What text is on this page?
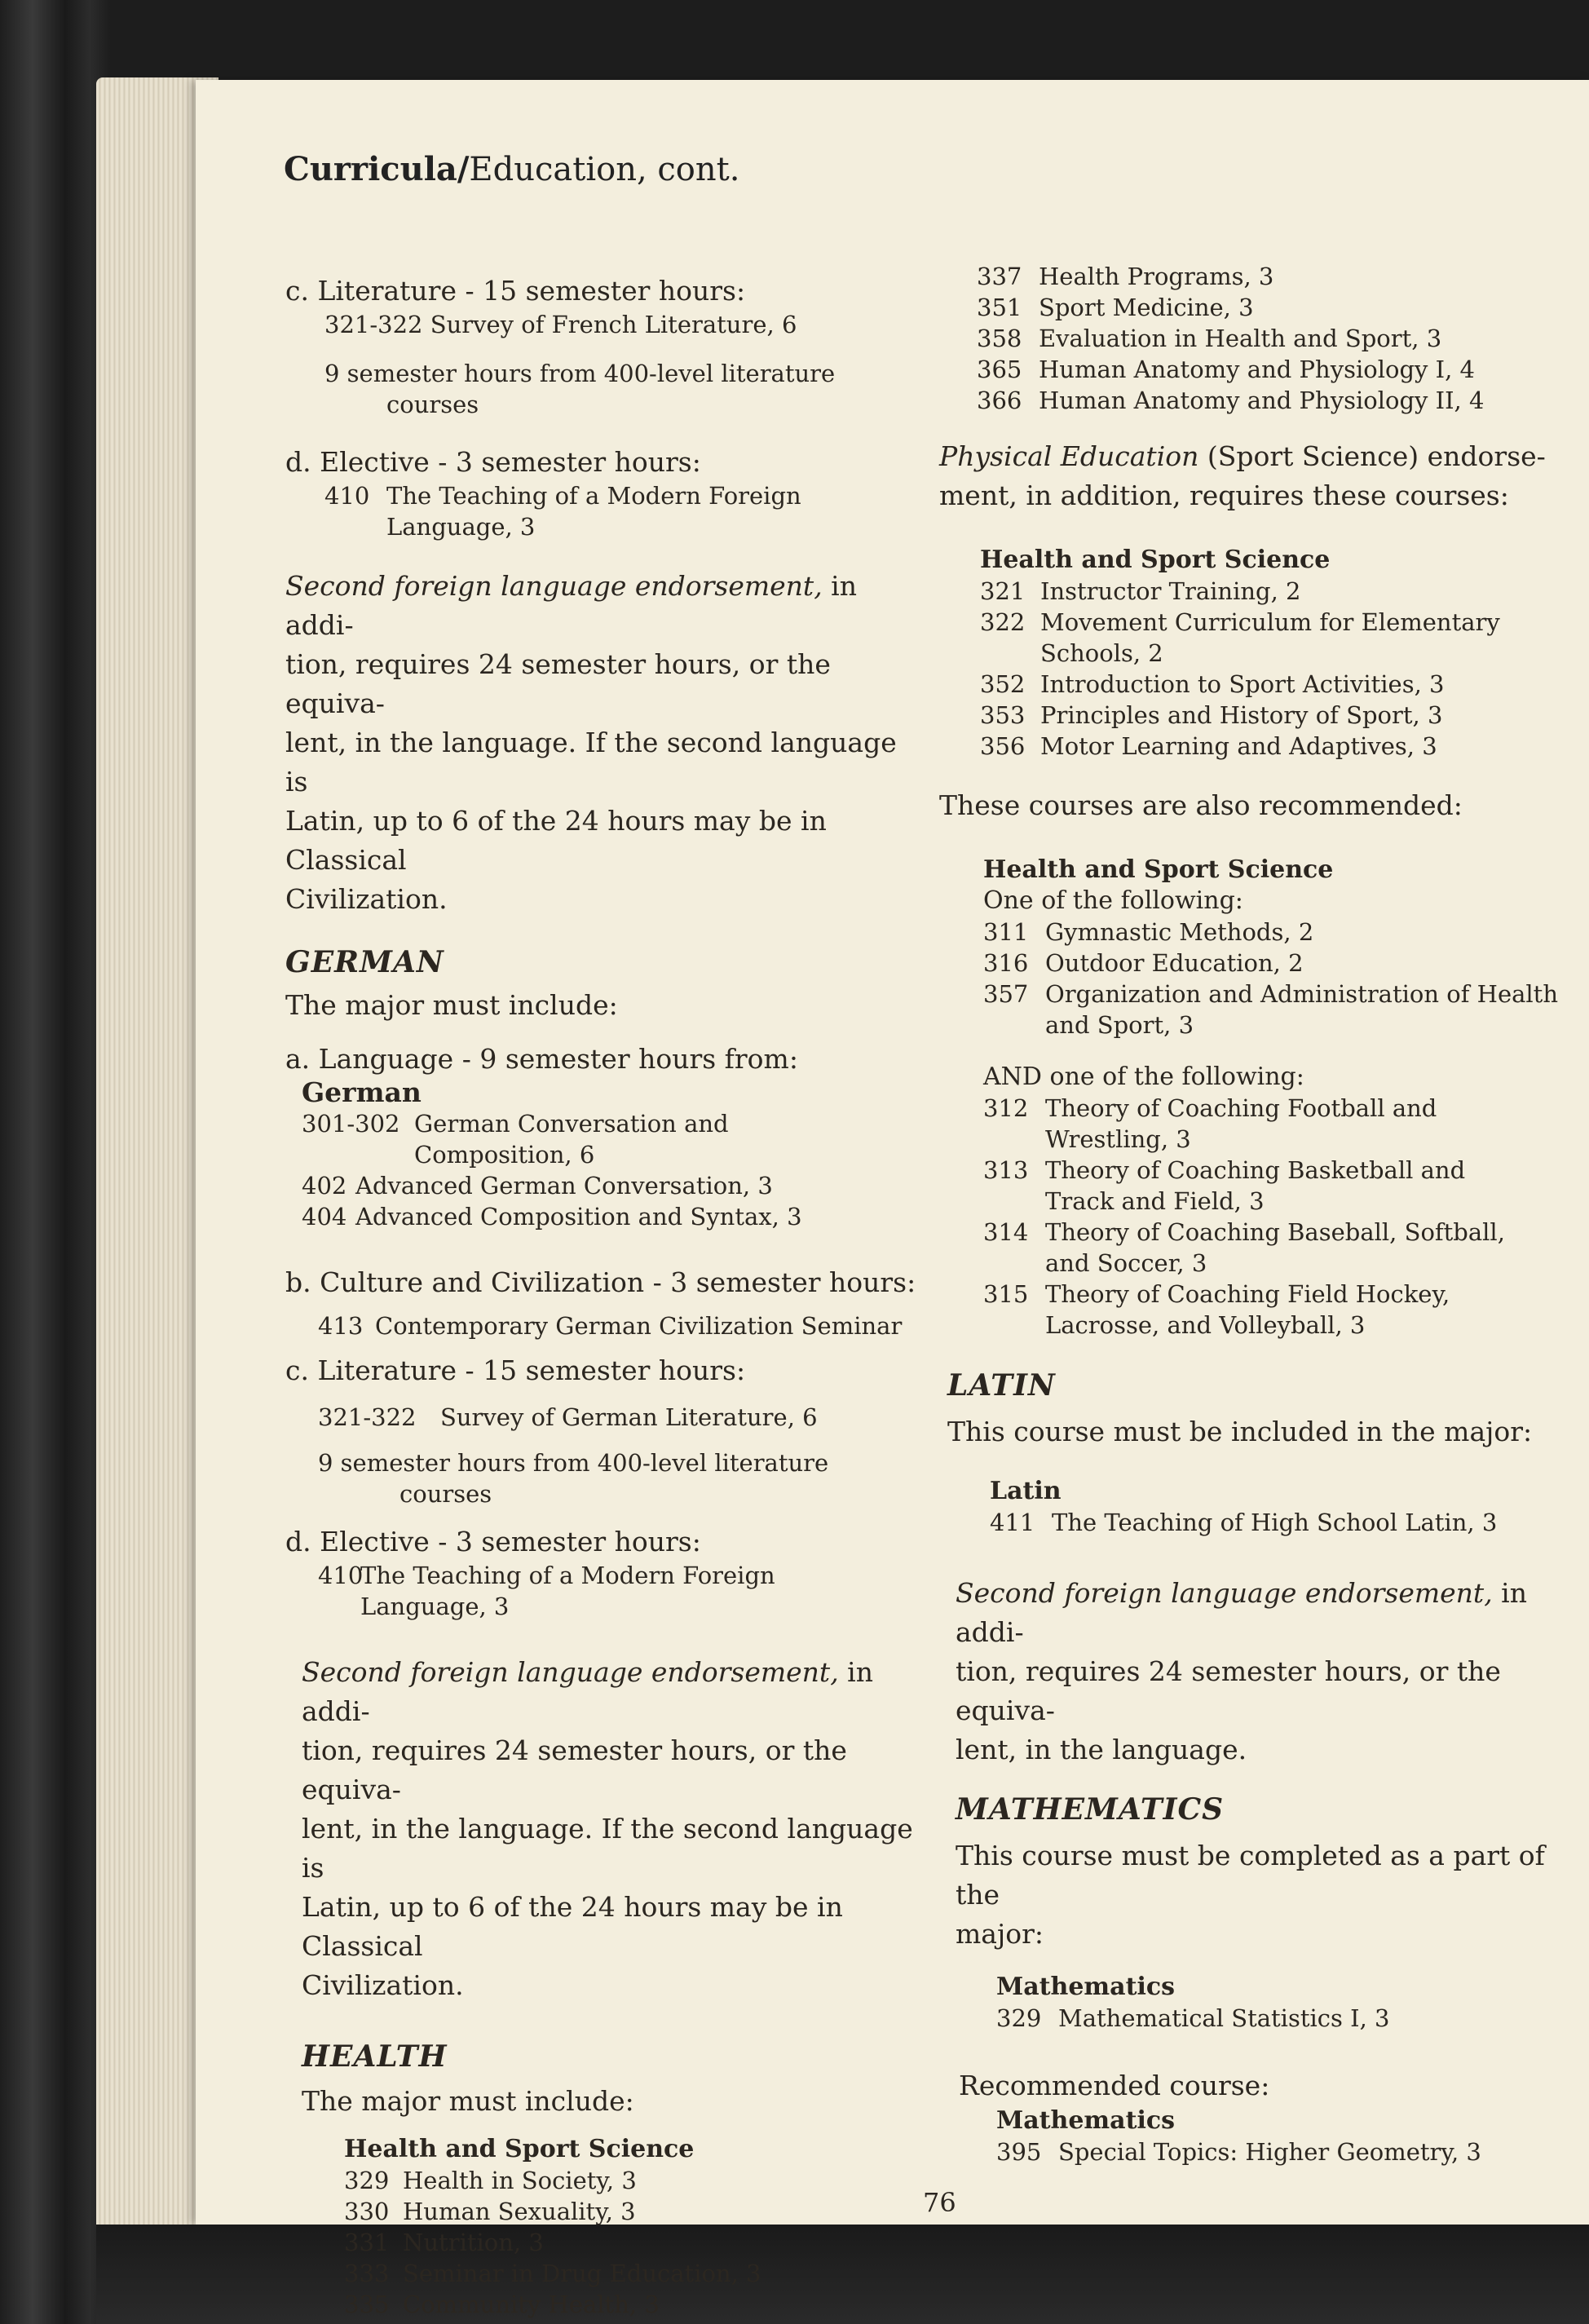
Curricula/Education, cont.

c. Literature - 15 semester hours:

321-322 Survey of French Literature, 6
9 semester hours from 400-level literature
courses

d. Elective - 3 semester hours:

410 The Teaching of a Modern Foreign
Language, 3

Second foreign language endorsement, in addi-

tion, requires 24 semester hours, or the equiva-

lent, in the language. If the second language is

Latin, up to 6 of the 24 hours may be in Classical

Civilization.

GERMAN

The major must include:

a. Language - 9 semester hours from:

German
301-302 German Conversation and
Composition, 6
402 Advanced German Conversation, 3
404 Advanced Composition and Syntax, 3

b. Culture and Civilization - 3 semester hours:

413 Contemporary German Civilization Seminar

c. Literature - 15 semester hours:

321-322	Survey of German Literature, 6
9 semester hours from 400-level literature
courses

d. Elective - 3 semester hours:

410
The Teaching of a Modern Foreign
Language, 3

Second foreign language endorsement, in addi-

tion, requires 24 semester hours, or the equiva-

lent, in the language. If the second language is

Latin, up to 6 of the 24 hours may be in Classical

Civilization.

HEALTH

The major must include:

Health and Sport Science
329 Health in Society, 3
330 Human Sexuality, 3
331 Nutrition, 3
333 Seminar in Drug Education, 3
335 Community Health, 3
337 Health Programs, 3
351 Sport Medicine, 3
358 Evaluation in Health and Sport, 3
365 Human Anatomy and Physiology I, 4
366 Human Anatomy and Physiology II, 4

Physical Education (Sport Science) endorse-

ment, in addition, requires these courses:

Health and Sport Science
321 Instructor Training, 2
322 Movement Curriculum for Elementary
Schools, 2
352 Introduction to Sport Activities, 3
353 Principles and History of Sport, 3
356 Motor Learning and Adaptives, 3

These courses are also recommended:

Health and Sport Science
One of the following:
311 Gymnastic Methods, 2
316 Outdoor Education, 2
357 Organization and Administration of Health
and Sport, 3
AND one of the following:
312 Theory of Coaching Football and
Wrestling, 3
313 Theory of Coaching Basketball and
Track and Field, 3
314 Theory of Coaching Baseball, Softball,
and Soccer, 3
315 Theory of Coaching Field Hockey,
Lacrosse, and Volleyball, 3

LATIN

This course must be included in the major:

Latin
411 The Teaching of High School Latin, 3

Second foreign language endorsement, in addi-

tion, requires 24 semester hours, or the equiva-

lent, in the language.

MATHEMATICS

This course must be completed as a part of the

major:

Mathematics
329 Mathematical Statistics I, 3

Recommended course:

Mathematics
395 Special Topics: Higher Geometry, 3
76
